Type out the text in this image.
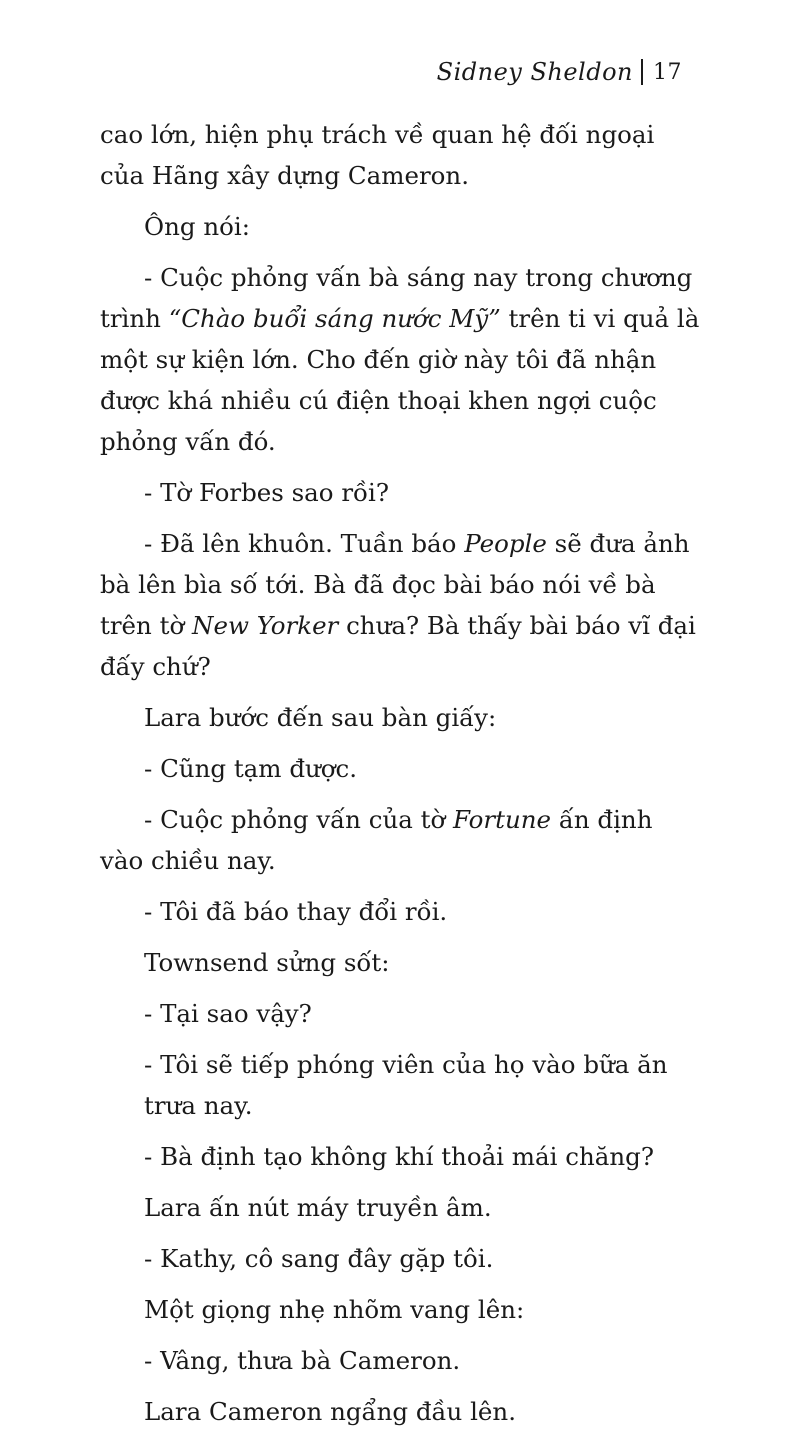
Sidney Sheldon 17

cao lớn, hiện phụ trách về quan hệ đối ngoại của Hãng xây dựng Cameron.

Ông nói:

- Cuộc phỏng vấn bà sáng nay trong chương trình “Chào buổi sáng nước Mỹ” trên ti vi quả là một sự kiện lớn. Cho đến giờ này tôi đã nhận được khá nhiều cú điện thoại khen ngợi cuộc phỏng vấn đó.

- Tờ Forbes sao rồi?

- Đã lên khuôn. Tuần báo People sẽ đưa ảnh bà lên bìa số tới. Bà đã đọc bài báo nói về bà trên tờ New Yorker chưa? Bà thấy bài báo vĩ đại đấy chứ?

Lara bước đến sau bàn giấy:

- Cũng tạm được.

- Cuộc phỏng vấn của tờ Fortune ấn định vào chiều nay.

- Tôi đã báo thay đổi rồi.

Townsend sửng sốt:

- Tại sao vậy?

- Tôi sẽ tiếp phóng viên của họ vào bữa ăn trưa nay.

- Bà định tạo không khí thoải mái chăng?

Lara ấn nút máy truyền âm.

- Kathy, cô sang đây gặp tôi.

Một giọng nhẹ nhõm vang lên:

- Vâng, thưa bà Cameron.

Lara Cameron ngẩng đầu lên.
